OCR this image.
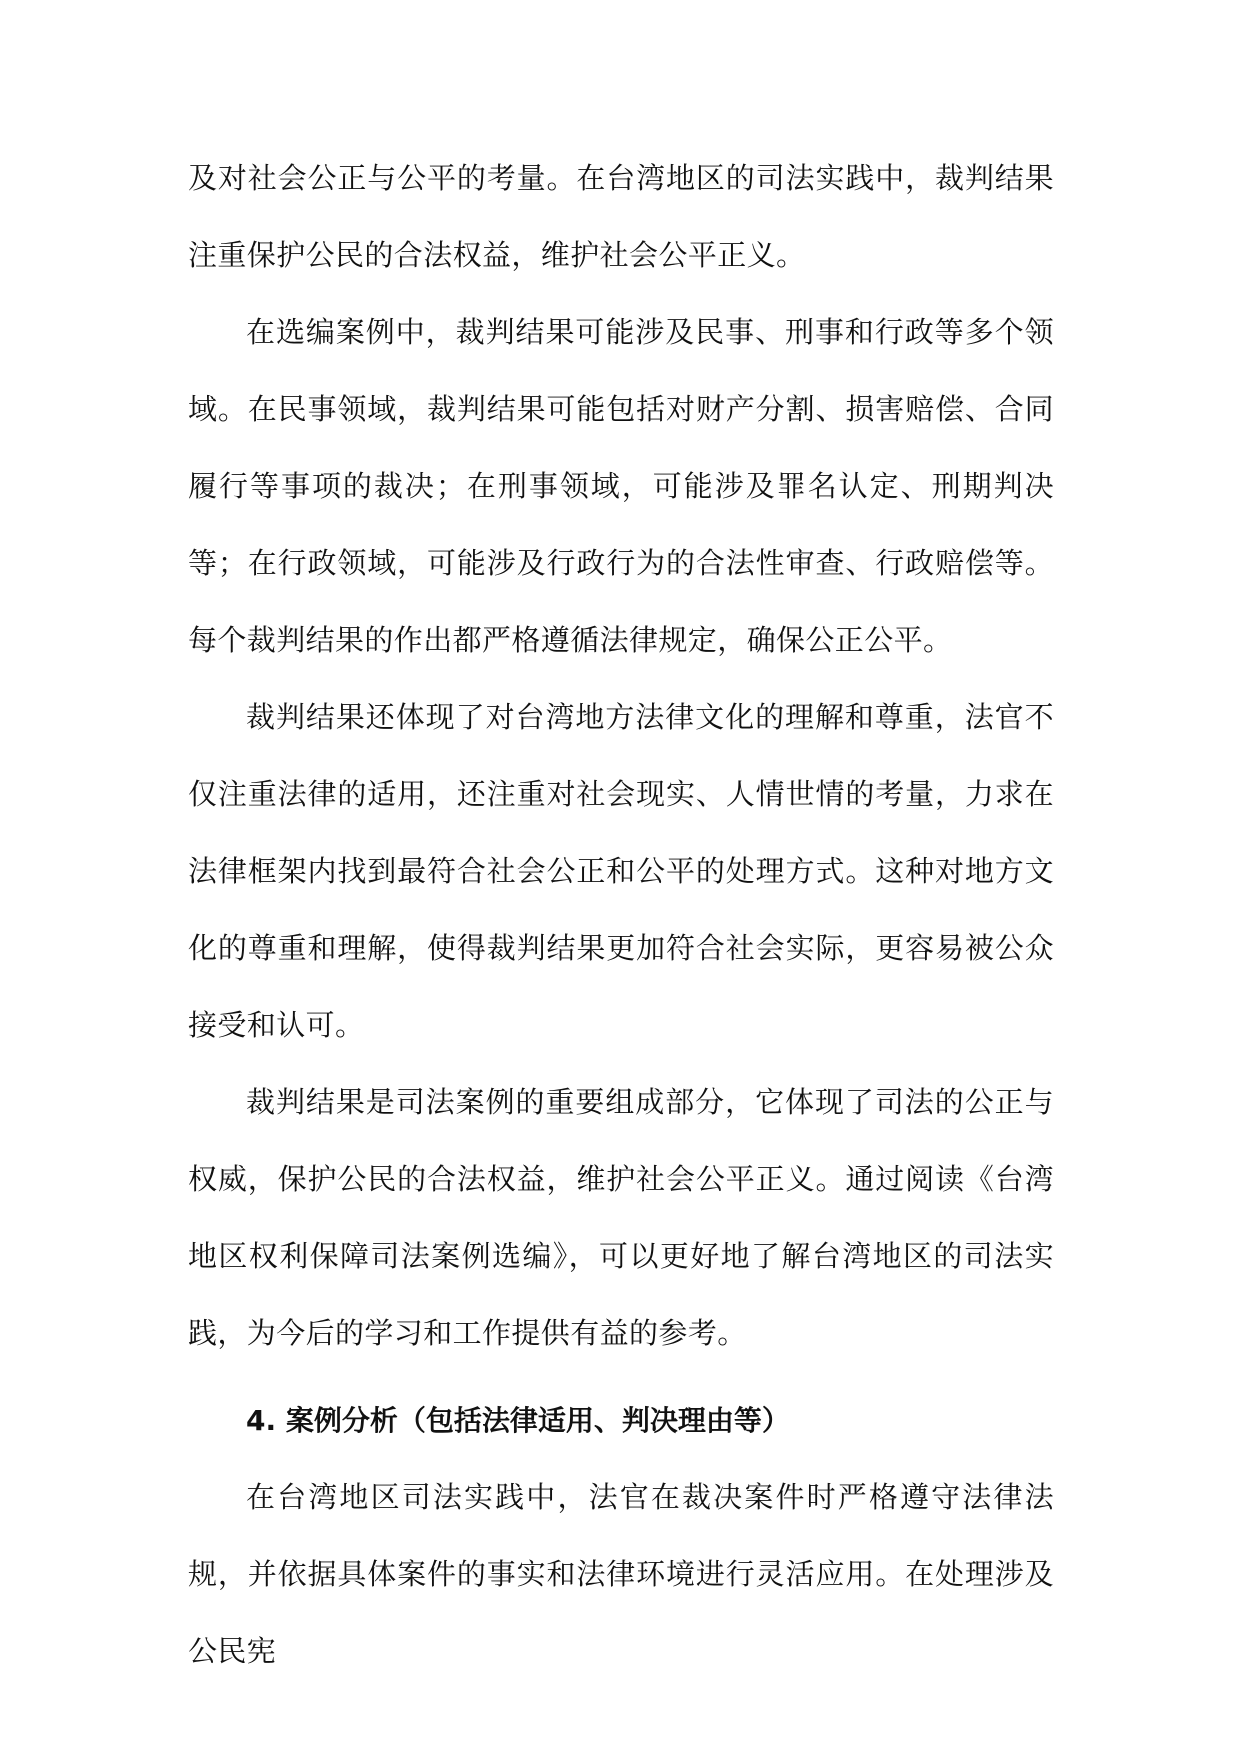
及对社会公正与公平的考量。在台湾地区的司法实践中，裁判结果注重保护公民的合法权益，维护社会公平正义。

在选编案例中，裁判结果可能涉及民事、刑事和行政等多个领域。在民事领域，裁判结果可能包括对财产分割、损害赔偿、合同履行等事项的裁决；在刑事领域，可能涉及罪名认定、刑期判决等；在行政领域，可能涉及行政行为的合法性审查、行政赔偿等。每个裁判结果的作出都严格遵循法律规定，确保公正公平。

裁判结果还体现了对台湾地方法律文化的理解和尊重，法官不仅注重法律的适用，还注重对社会现实、人情世情的考量，力求在法律框架内找到最符合社会公正和公平的处理方式。这种对地方文化的尊重和理解，使得裁判结果更加符合社会实际，更容易被公众接受和认可。

裁判结果是司法案例的重要组成部分，它体现了司法的公正与权威，保护公民的合法权益，维护社会公平正义。通过阅读《台湾地区权利保障司法案例选编》，可以更好地了解台湾地区的司法实践，为今后的学习和工作提供有益的参考。

4. 案例分析（包括法律适用、判决理由等）

在台湾地区司法实践中，法官在裁决案件时严格遵守法律法规，并依据具体案件的事实和法律环境进行灵活应用。在处理涉及公民宪
